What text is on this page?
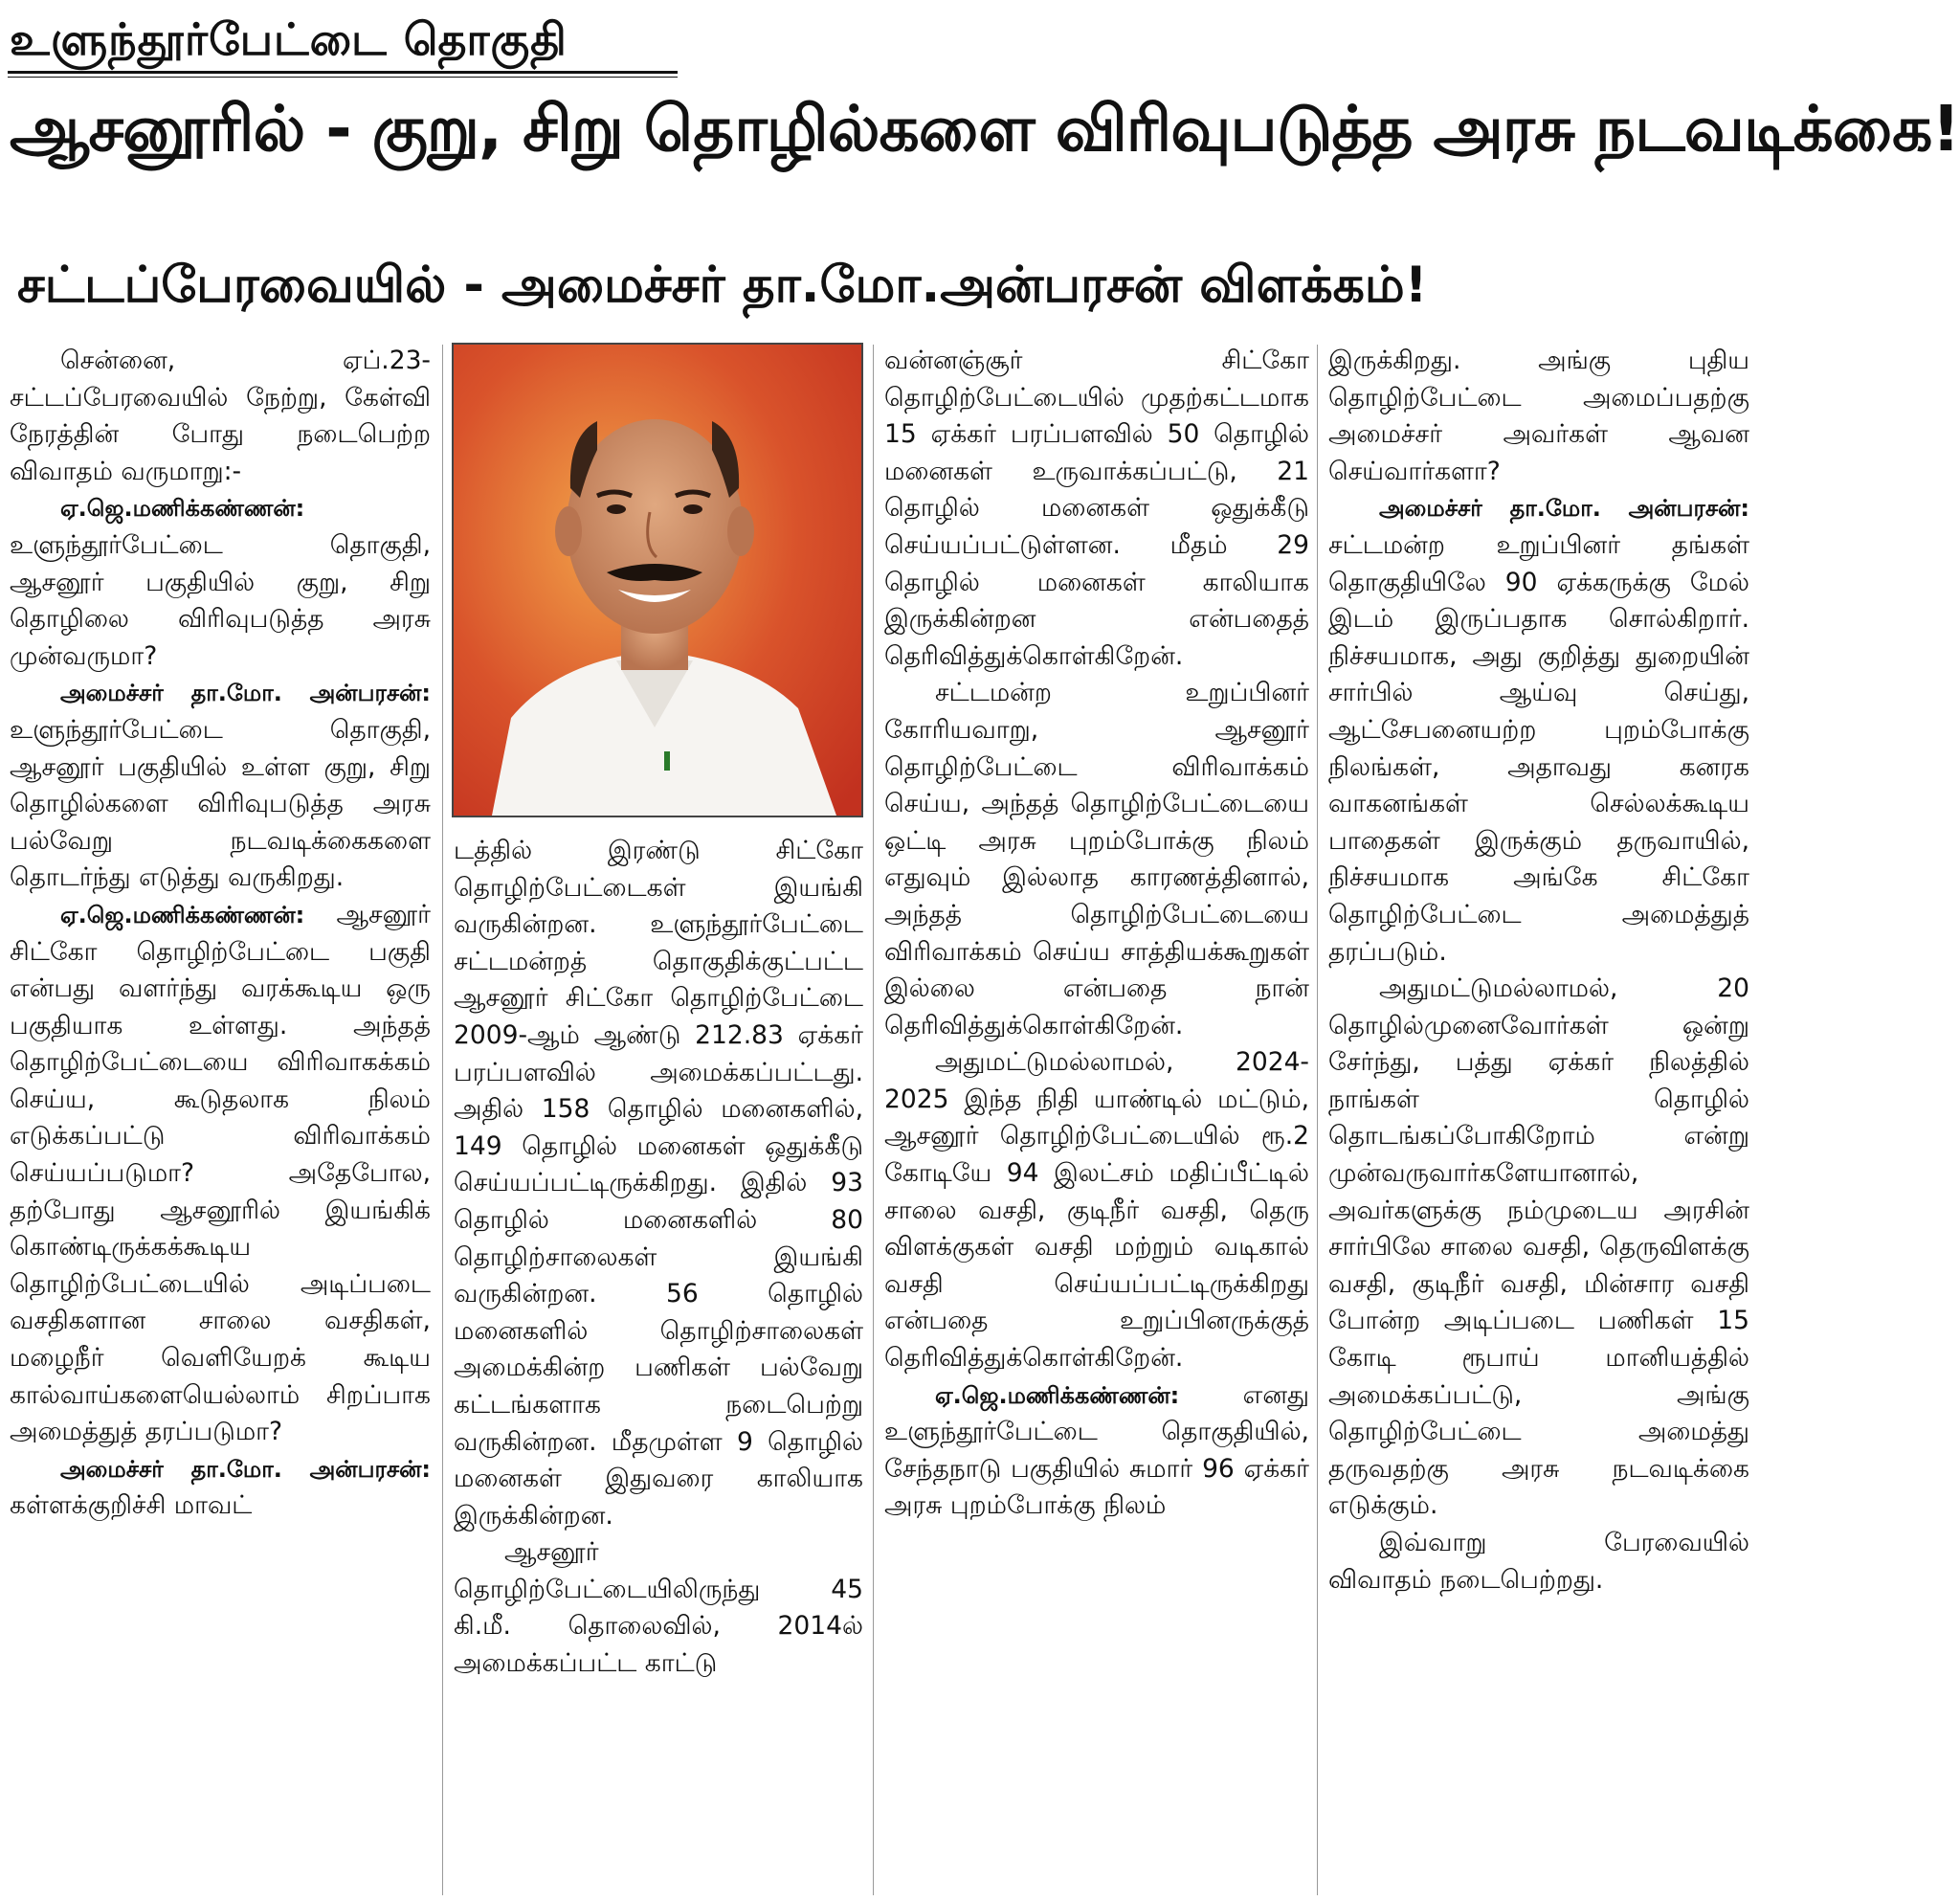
உளுந்தூர்பேட்டை தொகுதி
ஆசனூரில் - குறு, சிறு தொழில்களை விரிவுபடுத்த அரசு நடவடிக்கை!
சட்டப்பேரவையில் - அமைச்சர் தா.மோ.அன்பரசன் விளக்கம்!

சென்னை, ஏப்.23- சட்டப்பேரவையில் நேற்று, கேள்வி நேரத்தின் போது நடைபெற்ற விவாதம் வருமாறு:-

ஏ.ஜெ.மணிக்கண்ணன்: உளுந்தூர்பேட்டை தொகுதி, ஆசனூர் பகுதியில் குறு, சிறு தொழிலை விரிவுபடுத்த அரசு முன்வருமா?

அமைச்சர் தா.மோ. அன்பரசன்: உளுந்தூர்பேட்டை தொகுதி, ஆசனூர் பகுதியில் உள்ள குறு, சிறு தொழில்களை விரிவுபடுத்த அரசு பல்வேறு நடவடிக்கைகளை தொடர்ந்து எடுத்து வருகிறது.

ஏ.ஜெ.மணிக்கண்ணன்: ஆசனூர் சிட்கோ தொழிற்பேட்டை பகுதி என்பது வளர்ந்து வரக்கூடிய ஒரு பகுதியாக உள்ளது. அந்தத் தொழிற்பேட்டையை விரிவாகக்கம் செய்ய, கூடுதலாக நிலம் எடுக்கப்பட்டு விரிவாக்கம் செய்யப்படுமா? அதேபோல, தற்போது ஆசனூரில் இயங்கிக் கொண்டிருக்கக்கூடிய தொழிற்பேட்டையில் அடிப்படை வசதிகளான சாலை வசதிகள், மழைநீர் வெளியேறக் கூடிய கால்வாய்களையெல்லாம் சிறப்பாக அமைத்துத் தரப்படுமா?

அமைச்சர் தா.மோ. அன்பரசன்: கள்ளக்குறிச்சி மாவட்

டத்தில் இரண்டு சிட்கோ தொழிற்பேட்டைகள் இயங்கி வருகின்றன. உளுந்தூர்பேட்டை சட்டமன்றத் தொகுதிக்குட்பட்ட ஆசனூர் சிட்கோ தொழிற்பேட்டை 2009-ஆம் ஆண்டு 212.83 ஏக்கர் பரப்பளவில் அமைக்கப்பட்டது. அதில் 158 தொழில் மனைகளில், 149 தொழில் மனைகள் ஒதுக்கீடு செய்யப்பட்டிருக்கிறது. இதில் 93 தொழில் மனைகளில் 80 தொழிற்சாலைகள் இயங்கி வருகின்றன. 56 தொழில் மனைகளில் தொழிற்சாலைகள் அமைக்கின்ற பணிகள் பல்வேறு கட்டங்களாக நடைபெற்று வருகின்றன. மீதமுள்ள 9 தொழில் மனைகள் இதுவரை காலியாக இருக்கின்றன.

ஆசனூர் தொழிற்பேட்டையிலிருந்து 45 கி.மீ. தொலைவில், 2014ல் அமைக்கப்பட்ட காட்டு

வன்னஞ்சூர் சிட்கோ தொழிற்பேட்டையில் முதற்கட்டமாக 15 ஏக்கர் பரப்பளவில் 50 தொழில் மனைகள் உருவாக்கப்பட்டு, 21 தொழில் மனைகள் ஒதுக்கீடு செய்யப்பட்டுள்ளன. மீதம் 29 தொழில் மனைகள் காலியாக இருக்கின்றன என்பதைத் தெரிவித்துக்கொள்கிறேன்.

சட்டமன்ற உறுப்பினர் கோரியவாறு, ஆசனூர் தொழிற்பேட்டை விரிவாக்கம் செய்ய, அந்தத் தொழிற்பேட்டையை ஒட்டி அரசு புறம்போக்கு நிலம் எதுவும் இல்லாத காரணத்தினால், அந்தத் தொழிற்பேட்டையை விரிவாக்கம் செய்ய சாத்தியக்கூறுகள் இல்லை என்பதை நான் தெரிவித்துக்கொள்கிறேன்.

அதுமட்டுமல்லாமல், 2024-2025 இந்த நிதி யாண்டில் மட்டும், ஆசனூர் தொழிற்பேட்டையில் ரூ.2 கோடியே 94 இலட்சம் மதிப்பீட்டில் சாலை வசதி, குடிநீர் வசதி, தெரு விளக்குகள் வசதி மற்றும் வடிகால் வசதி செய்யப்பட்டிருக்கிறது என்பதை உறுப்பினருக்குத் தெரிவித்துக்கொள்கிறேன்.

ஏ.ஜெ.மணிக்கண்ணன்: எனது உளுந்தூர்பேட்டை தொகுதியில், சேந்தநாடு பகுதியில் சுமார் 96 ஏக்கர் அரசு புறம்போக்கு நிலம்

இருக்கிறது. அங்கு புதிய தொழிற்பேட்டை அமைப்பதற்கு அமைச்சர் அவர்கள் ஆவன செய்வார்களா?

அமைச்சர் தா.மோ. அன்பரசன்: சட்டமன்ற உறுப்பினர் தங்கள் தொகுதியிலே 90 ஏக்கருக்கு மேல் இடம் இருப்பதாக சொல்கிறார். நிச்சயமாக, அது குறித்து துறையின் சார்பில் ஆய்வு செய்து, ஆட்சேபனையற்ற புறம்போக்கு நிலங்கள், அதாவது கனரக வாகனங்கள் செல்லக்கூடிய பாதைகள் இருக்கும் தருவாயில், நிச்சயமாக அங்கே சிட்கோ தொழிற்பேட்டை அமைத்துத் தரப்படும்.

அதுமட்டுமல்லாமல், 20 தொழில்முனைவோர்கள் ஒன்று சேர்ந்து, பத்து ஏக்கர் நிலத்தில் நாங்கள் தொழில் தொடங்கப்போகிறோம் என்று முன்வருவார்களேயானால், அவர்களுக்கு நம்முடைய அரசின் சார்பிலே சாலை வசதி, தெருவிளக்கு வசதி, குடிநீர் வசதி, மின்சார வசதி போன்ற அடிப்படை பணிகள் 15 கோடி ரூபாய் மானியத்தில் அமைக்கப்பட்டு, அங்கு தொழிற்பேட்டை அமைத்து தருவதற்கு அரசு நடவடிக்கை எடுக்கும்.

இவ்வாறு பேரவையில் விவாதம் நடைபெற்றது.
